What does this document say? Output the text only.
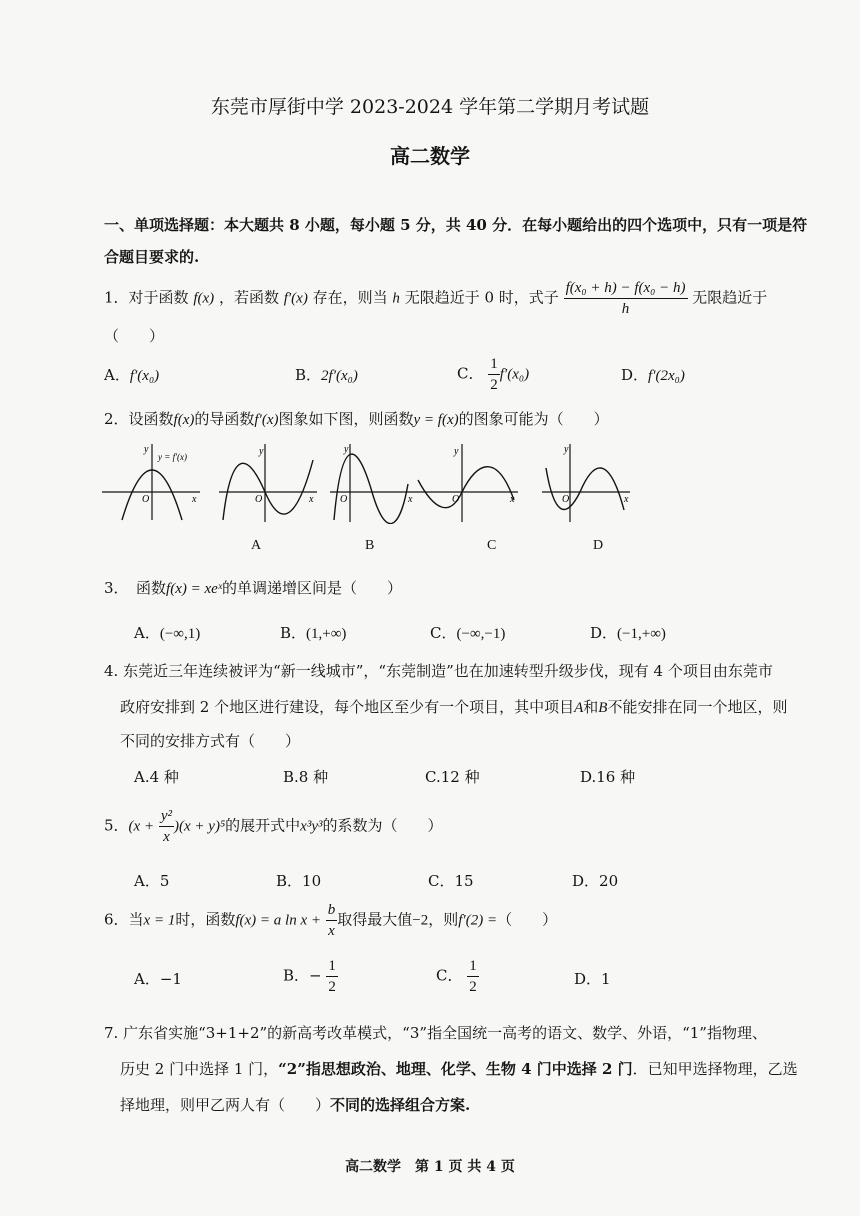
东莞市厚街中学 2023-2024 学年第二学期月考试题
高二数学
一、单项选择题：本大题共 8 小题，每小题 5 分，共 40 分．在每小题给出的四个选项中，只有一项是符
合题目要求的.
1．对于函数 f(x) ，若函数 f′(x) 存在，则当 h 无限趋近于 0 时，式子 $\frac{\text{f(x₀ + h) − f(x₀ − h)}}{h}$ 无限趋近于
（　　）
A．f′(x₀)	B．2f′(x₀)	C． $\frac{1}{2} f'(x_0)$	D．f′(2x₀)
2．设函数f(x)的导函数f′(x)图象如下图，则函数y = f(x)的图象可能为（　　）
y
x
O
y = f′(x)	y
x
O
y
x
O
y
x
O
y
x
O
A	B	C	D
3．　函数f(x) = xeˣ的单调递增区间是（　　）
A．(−∞,1)	B．(1,+∞)	C．(−∞,−1)	D．(−1,+∞)
4. 东莞近三年连续被评为“新一线城市”，“东莞制造”也在加速转型升级步伐，现有 4 个项目由东莞市
政府安排到 2 个地区进行建设，每个地区至少有一个项目，其中项目A和B不能安排在同一个地区，则
不同的安排方式有（　　）
A.4 种	B.8 种	C.12 种	D.16 种
5．$(x + \frac{\text{y²}}{x} )(x + y)^5$的展开式中x³y³的系数为（　　）
A．5	B．10	C．15	D．20
6．当x = 1时，函数f(x) = a $\ln x + \frac{b}{x}$ 取得最大值−2，则f′(2) =（　　）
A．−1	B．− $\frac{1}{2}$	C． $\frac{1}{2}$	D．1
7. 广东省实施“3+1+2”的新高考改革模式，“3”指全国统一高考的语文、数学、外语，“1”指物理、
历史 2 门中选择 1 门，“2”指思想政治、地理、化学、生物 4 门中选择 2 门．已知甲选择物理，乙选
择地理，则甲乙两人有（　　）不同的选择组合方案.
高二数学　第 1 页 共 4 页
